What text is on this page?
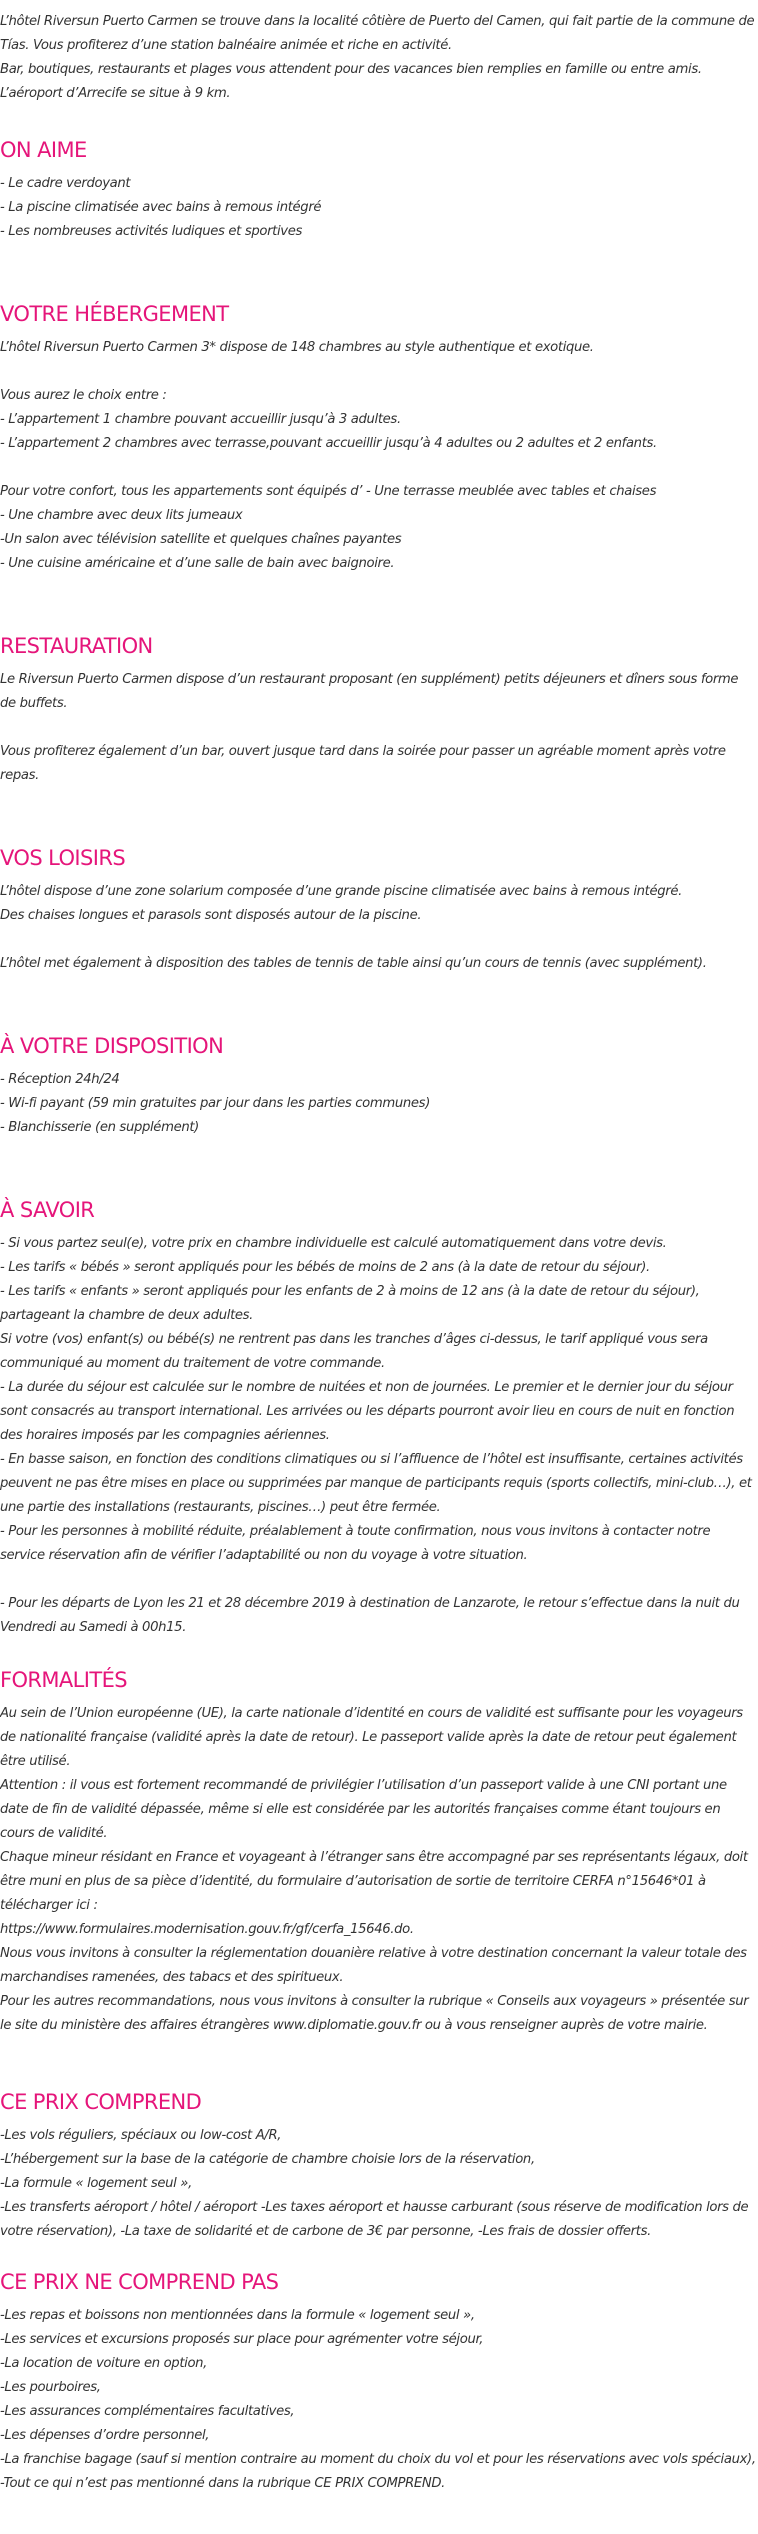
L’hôtel Riversun Puerto Carmen se trouve dans la localité côtière de Puerto del Camen, qui fait partie de la commune de Tías. Vous profiterez d’une station balnéaire animée et riche en activité.

Bar, boutiques, restaurants et plages vous attendent pour des vacances bien remplies en famille ou entre amis.

L’aéroport d’Arrecife se situe à 9 km.

ON AIME

- Le cadre verdoyant

- La piscine climatisée avec bains à remous intégré

- Les nombreuses activités ludiques et sportives

VOTRE HÉBERGEMENT

L’hôtel Riversun Puerto Carmen 3* dispose de 148 chambres au style authentique et exotique.

Vous aurez le choix entre :

- L’appartement 1 chambre pouvant accueillir jusqu’à 3 adultes.

- L’appartement 2 chambres avec terrasse,pouvant accueillir jusqu’à 4 adultes ou 2 adultes et 2 enfants.

Pour votre confort, tous les appartements sont équipés d’ - Une terrasse meublée avec tables et chaises

- Une chambre avec deux lits jumeaux

-Un salon avec télévision satellite et quelques chaînes payantes

- Une cuisine américaine et d’une salle de bain avec baignoire.

RESTAURATION

Le Riversun Puerto Carmen dispose d’un restaurant proposant (en supplément) petits déjeuners et dîners sous forme de buffets.

Vous profiterez également d’un bar, ouvert jusque tard dans la soirée pour passer un agréable moment après votre repas.

VOS LOISIRS

L’hôtel dispose d’une zone solarium composée d’une grande piscine climatisée avec bains à remous intégré.

Des chaises longues et parasols sont disposés autour de la piscine.

L’hôtel met également à disposition des tables de tennis de table ainsi qu’un cours de tennis (avec supplément).

À VOTRE DISPOSITION

- Réception 24h/24

- Wi-fi payant (59 min gratuites par jour dans les parties communes)

- Blanchisserie (en supplément)

À SAVOIR

- Si vous partez seul(e), votre prix en chambre individuelle est calculé automatiquement dans votre devis.

- Les tarifs « bébés » seront appliqués pour les bébés de moins de 2 ans (à la date de retour du séjour).

- Les tarifs « enfants » seront appliqués pour les enfants de 2 à moins de 12 ans (à la date de retour du séjour), partageant la chambre de deux adultes.

Si votre (vos) enfant(s) ou bébé(s) ne rentrent pas dans les tranches d’âges ci-dessus, le tarif appliqué vous sera communiqué au moment du traitement de votre commande.

- La durée du séjour est calculée sur le nombre de nuitées et non de journées. Le premier et le dernier jour du séjour sont consacrés au transport international. Les arrivées ou les départs pourront avoir lieu en cours de nuit en fonction des horaires imposés par les compagnies aériennes.

- En basse saison, en fonction des conditions climatiques ou si l’affluence de l’hôtel est insuffisante, certaines activités peuvent ne pas être mises en place ou supprimées par manque de participants requis (sports collectifs, mini-club…), et une partie des installations (restaurants, piscines…) peut être fermée.

- Pour les personnes à mobilité réduite, préalablement à toute confirmation, nous vous invitons à contacter notre service réservation afin de vérifier l’adaptabilité ou non du voyage à votre situation.

- Pour les départs de Lyon les 21 et 28 décembre 2019 à destination de Lanzarote, le retour s’effectue dans la nuit du Vendredi au Samedi à 00h15.

FORMALITÉS

Au sein de l’Union européenne (UE), la carte nationale d’identité en cours de validité est suffisante pour les voyageurs de nationalité française (validité après la date de retour). Le passeport valide après la date de retour peut également être utilisé.

Attention : il vous est fortement recommandé de privilégier l’utilisation d’un passeport valide à une CNI portant une date de fin de validité dépassée, même si elle est considérée par les autorités françaises comme étant toujours en cours de validité.

Chaque mineur résidant en France et voyageant à l’étranger sans être accompagné par ses représentants légaux, doit être muni en plus de sa pièce d’identité, du formulaire d’autorisation de sortie de territoire CERFA n°15646*01 à télécharger ici :

https://www.formulaires.modernisation.gouv.fr/gf/cerfa_15646.do.

Nous vous invitons à consulter la réglementation douanière relative à votre destination concernant la valeur totale des marchandises ramenées, des tabacs et des spiritueux.

Pour les autres recommandations, nous vous invitons à consulter la rubrique « Conseils aux voyageurs » présentée sur le site du ministère des affaires étrangères www.diplomatie.gouv.fr ou à vous renseigner auprès de votre mairie.

CE PRIX COMPREND

-Les vols réguliers, spéciaux ou low-cost A/R,

-L’hébergement sur la base de la catégorie de chambre choisie lors de la réservation,

-La formule « logement seul »,

-Les transferts aéroport / hôtel / aéroport -Les taxes aéroport et hausse carburant (sous réserve de modification lors de votre réservation), -La taxe de solidarité et de carbone de 3€ par personne, -Les frais de dossier offerts.

CE PRIX NE COMPREND PAS

-Les repas et boissons non mentionnées dans la formule « logement seul »,

-Les services et excursions proposés sur place pour agrémenter votre séjour,

-La location de voiture en option,

-Les pourboires,

-Les assurances complémentaires facultatives,

-Les dépenses d’ordre personnel,

-La franchise bagage (sauf si mention contraire au moment du choix du vol et pour les réservations avec vols spéciaux),

-Tout ce qui n’est pas mentionné dans la rubrique CE PRIX COMPREND.
